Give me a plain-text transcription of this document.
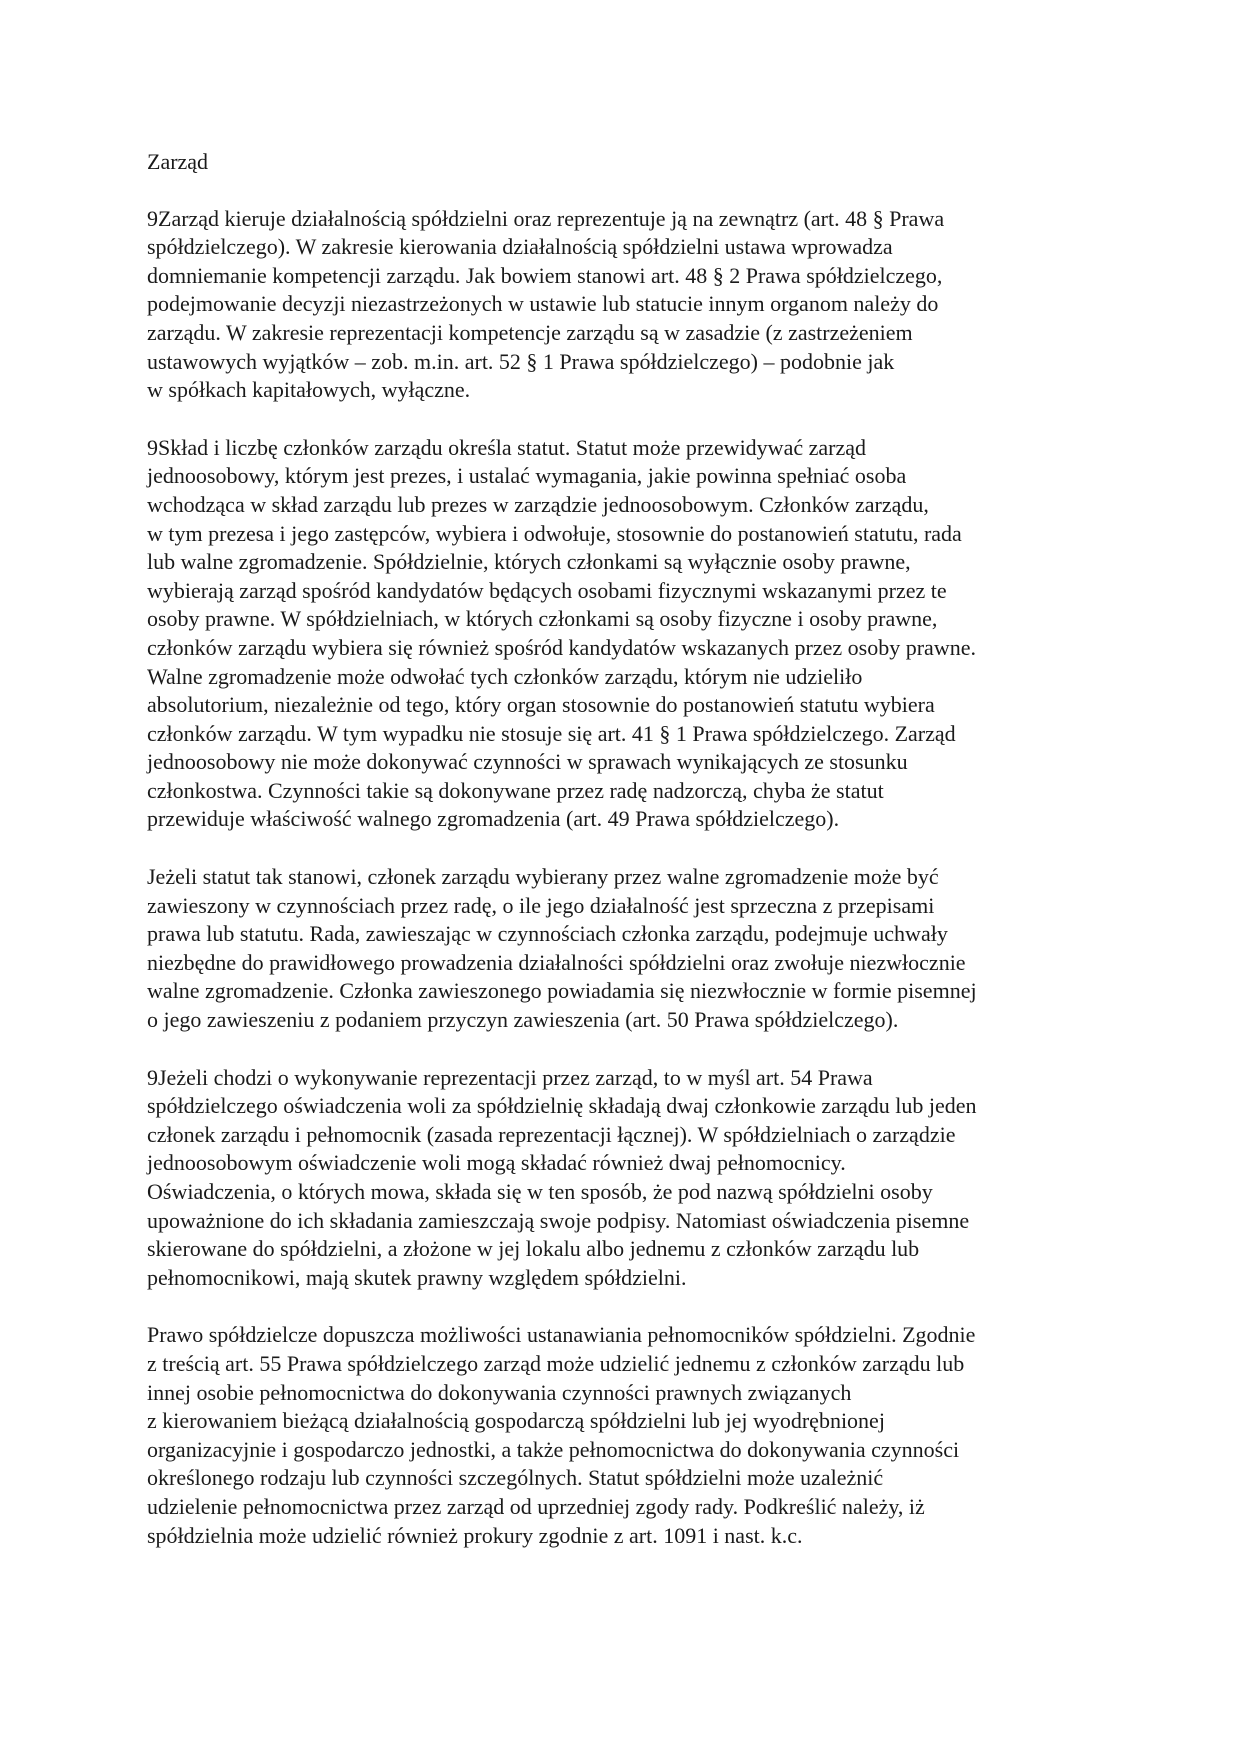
Zarząd

9Zarząd kieruje działalnością spółdzielni oraz reprezentuje ją na zewnątrz (art. 48 § Prawa
spółdzielczego). W zakresie kierowania działalnością spółdzielni ustawa wprowadza
domniemanie kompetencji zarządu. Jak bowiem stanowi art. 48 § 2 Prawa spółdzielczego,
podejmowanie decyzji niezastrzeżonych w ustawie lub statucie innym organom należy do
zarządu. W zakresie reprezentacji kompetencje zarządu są w zasadzie (z zastrzeżeniem
ustawowych wyjątków – zob. m.in. art. 52 § 1 Prawa spółdzielczego) – podobnie jak
w spółkach kapitałowych, wyłączne.

9Skład i liczbę członków zarządu określa statut. Statut może przewidywać zarząd
jednoosobowy, którym jest prezes, i ustalać wymagania, jakie powinna spełniać osoba
wchodząca w skład zarządu lub prezes w zarządzie jednoosobowym. Członków zarządu,
w tym prezesa i jego zastępców, wybiera i odwołuje, stosownie do postanowień statutu, rada
lub walne zgromadzenie. Spółdzielnie, których członkami są wyłącznie osoby prawne,
wybierają zarząd spośród kandydatów będących osobami fizycznymi wskazanymi przez te
osoby prawne. W spółdzielniach, w których członkami są osoby fizyczne i osoby prawne,
członków zarządu wybiera się również spośród kandydatów wskazanych przez osoby prawne.
Walne zgromadzenie może odwołać tych członków zarządu, którym nie udzieliło
absolutorium, niezależnie od tego, który organ stosownie do postanowień statutu wybiera
członków zarządu. W tym wypadku nie stosuje się art. 41 § 1 Prawa spółdzielczego. Zarząd
jednoosobowy nie może dokonywać czynności w sprawach wynikających ze stosunku
członkostwa. Czynności takie są dokonywane przez radę nadzorczą, chyba że statut
przewiduje właściwość walnego zgromadzenia (art. 49 Prawa spółdzielczego).

Jeżeli statut tak stanowi, członek zarządu wybierany przez walne zgromadzenie może być
zawieszony w czynnościach przez radę, o ile jego działalność jest sprzeczna z przepisami
prawa lub statutu. Rada, zawieszając w czynnościach członka zarządu, podejmuje uchwały
niezbędne do prawidłowego prowadzenia działalności spółdzielni oraz zwołuje niezwłocznie
walne zgromadzenie. Członka zawieszonego powiadamia się niezwłocznie w formie pisemnej
o jego zawieszeniu z podaniem przyczyn zawieszenia (art. 50 Prawa spółdzielczego).

9Jeżeli chodzi o wykonywanie reprezentacji przez zarząd, to w myśl art. 54 Prawa
spółdzielczego oświadczenia woli za spółdzielnię składają dwaj członkowie zarządu lub jeden
członek zarządu i pełnomocnik (zasada reprezentacji łącznej). W spółdzielniach o zarządzie
jednoosobowym oświadczenie woli mogą składać również dwaj pełnomocnicy.
Oświadczenia, o których mowa, składa się w ten sposób, że pod nazwą spółdzielni osoby
upoważnione do ich składania zamieszczają swoje podpisy. Natomiast oświadczenia pisemne
skierowane do spółdzielni, a złożone w jej lokalu albo jednemu z członków zarządu lub
pełnomocnikowi, mają skutek prawny względem spółdzielni.

Prawo spółdzielcze dopuszcza możliwości ustanawiania pełnomocników spółdzielni. Zgodnie
z treścią art. 55 Prawa spółdzielczego zarząd może udzielić jednemu z członków zarządu lub
innej osobie pełnomocnictwa do dokonywania czynności prawnych związanych
z kierowaniem bieżącą działalnością gospodarczą spółdzielni lub jej wyodrębnionej
organizacyjnie i gospodarczo jednostki, a także pełnomocnictwa do dokonywania czynności
określonego rodzaju lub czynności szczególnych. Statut spółdzielni może uzależnić
udzielenie pełnomocnictwa przez zarząd od uprzedniej zgody rady. Podkreślić należy, iż
spółdzielnia może udzielić również prokury zgodnie z art. 1091 i nast. k.c.
